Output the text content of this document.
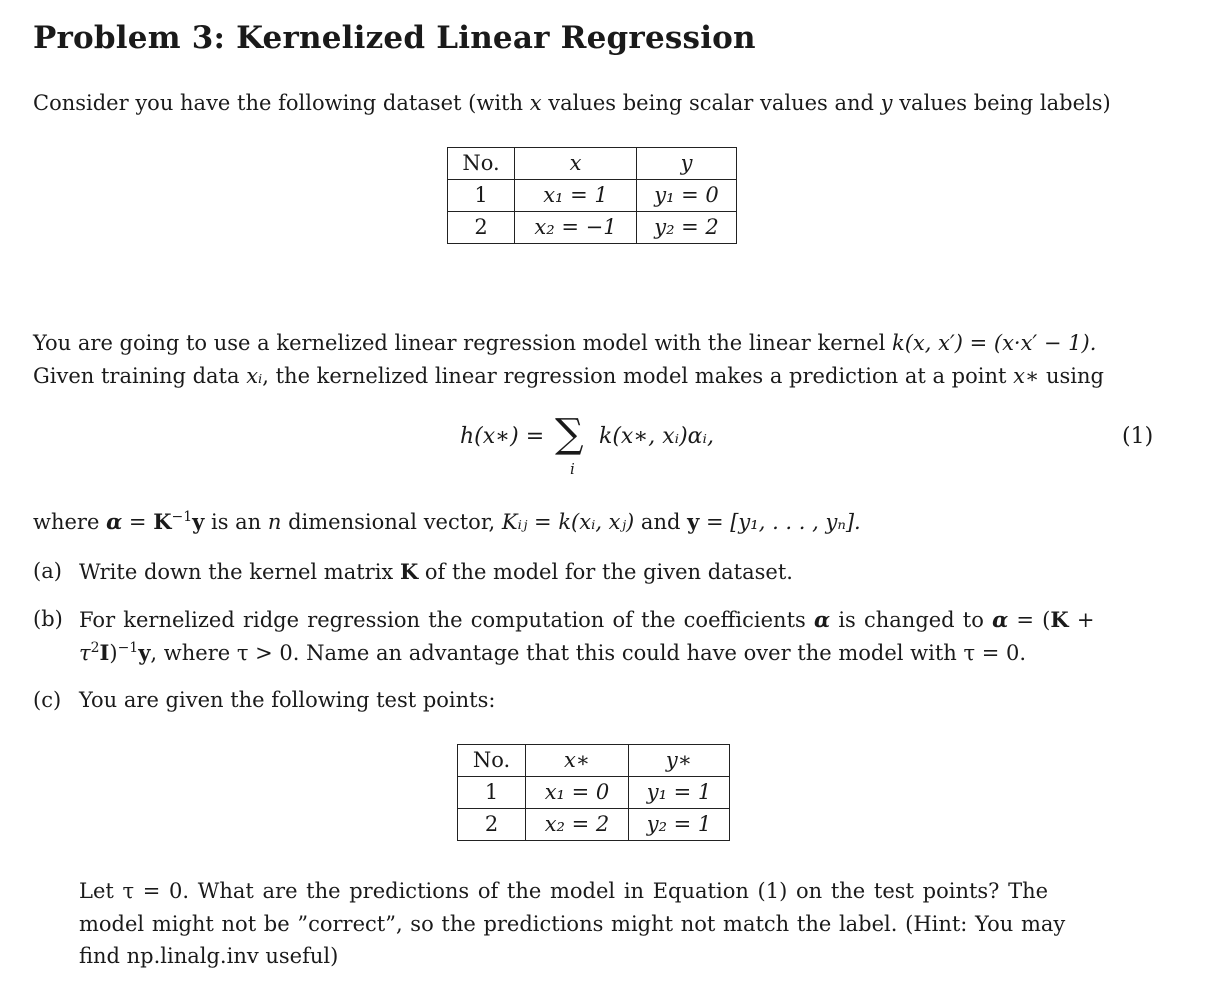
Problem 3: Kernelized Linear Regression
Consider you have the following dataset (with x values being scalar values and y values being labels)
No.	x	y
1	x₁ = 1	y₁ = 0
2	x₂ = −1	y₂ = 2
You are going to use a kernelized linear regression model with the linear kernel k(x, x′) = (x·x′ − 1).
Given training data xᵢ, the kernelized linear regression model makes a prediction at a point x∗ using
h(x∗) = ∑
i
k(x∗, xᵢ)αᵢ,	(1)
where $\alpha = K^{-1}y$ is an n dimensional vector, Kᵢⱼ = k(xᵢ, xⱼ) and y = [y₁, . . . , yₙ].
(a) Write down the kernel matrix K of the model for the given dataset.
(b) For kernelized ridge regression the computation of the coefficients α is changed to α = (K +
$\tau^2I)^{-1}y$, where τ > 0. Name an advantage that this could have over the model with τ = 0.
(c) You are given the following test points:
No.	x∗	y∗
1	x₁ = 0	y₁ = 1
2	x₂ = 2	y₂ = 1
Let τ = 0. What are the predictions of the model in Equation (1) on the test points? The
model might not be ”correct”, so the predictions might not match the label. (Hint: You may
find np.linalg.inv useful)
